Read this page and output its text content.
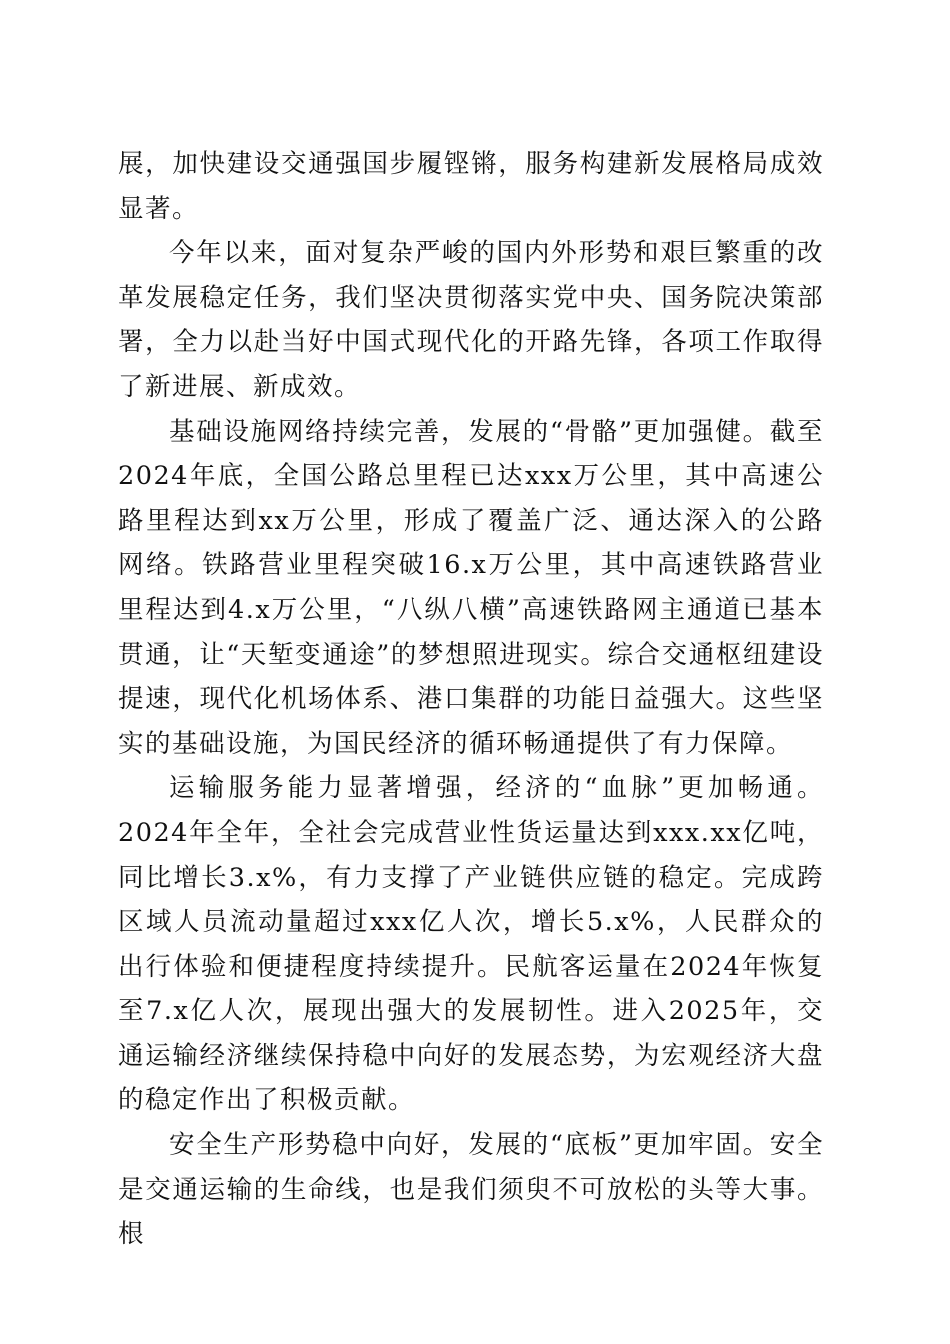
展，加快建设交通强国步履铿锵，服务构建新发展格局成效显著。

今年以来，面对复杂严峻的国内外形势和艰巨繁重的改革发展稳定任务，我们坚决贯彻落实党中央、国务院决策部署，全力以赴当好中国式现代化的开路先锋，各项工作取得了新进展、新成效。

基础设施网络持续完善，发展的“骨骼”更加强健。截至2024年底，全国公路总里程已达xxx万公里，其中高速公路里程达到xx万公里，形成了覆盖广泛、通达深入的公路网络。铁路营业里程突破16.x万公里，其中高速铁路营业里程达到4.x万公里，“八纵八横”高速铁路网主通道已基本贯通，让“天堑变通途”的梦想照进现实。综合交通枢纽建设提速，现代化机场体系、港口集群的功能日益强大。这些坚实的基础设施，为国民经济的循环畅通提供了有力保障。

运输服务能力显著增强，经济的“血脉”更加畅通。2024年全年，全社会完成营业性货运量达到xxx.xx亿吨，同比增长3.x%，有力支撑了产业链供应链的稳定。完成跨区域人员流动量超过xxx亿人次，增长5.x%，人民群众的出行体验和便捷程度持续提升。民航客运量在2024年恢复至7.x亿人次，展现出强大的发展韧性。进入2025年，交通运输经济继续保持稳中向好的发展态势，为宏观经济大盘的稳定作出了积极贡献。

安全生产形势稳中向好，发展的“底板”更加牢固。安全是交通运输的生命线，也是我们须臾不可放松的头等大事。根
